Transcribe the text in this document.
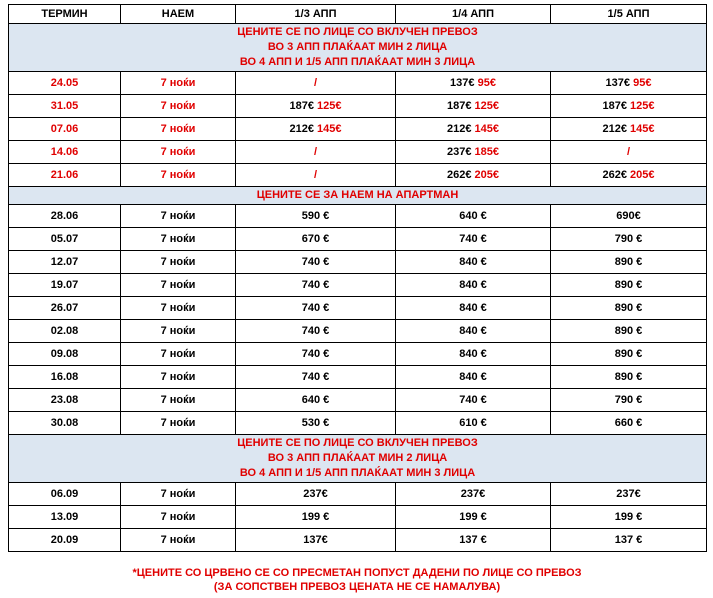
ТЕРМИН	НАЕМ	1/3 АПП	1/4 АПП	1/5 АПП

ЦЕНИТЕ СЕ ПО ЛИЦЕ СО ВКЛУЧЕН ПРЕВОЗ
ВО 3 АПП ПЛАЌААТ МИН 2 ЛИЦА
ВО 4 АПП И 1/5 АПП ПЛАЌААТ МИН 3 ЛИЦА				

24.05	7 ноќи	/	137€ 95€	137€ 95€
31.05	7 ноќи	187€ 125€	187€ 125€	187€ 125€
07.06	7 ноќи	212€ 145€	212€ 145€	212€ 145€
14.06	7 ноќи	/	237€ 185€	/
21.06	7 ноќи	/	262€ 205€	262€ 205€

ЦЕНИТЕ СЕ ЗА НАЕМ НА АПАРТМАН				

28.06	7 ноќи	590 €	640 €	690€
05.07	7 ноќи	670 €	740 €	790 €
12.07	7 ноќи	740 €	840 €	890 €
19.07	7 ноќи	740 €	840 €	890 €
26.07	7 ноќи	740 €	840 €	890 €
02.08	7 ноќи	740 €	840 €	890 €
09.08	7 ноќи	740 €	840 €	890 €
16.08	7 ноќи	740 €	840 €	890 €
23.08	7 ноќи	640 €	740 €	790 €
30.08	7 ноќи	530 €	610 €	660 €

ЦЕНИТЕ СЕ ПО ЛИЦЕ СО ВКЛУЧЕН ПРЕВОЗ
ВО 3 АПП ПЛАЌААТ МИН 2 ЛИЦА
ВО 4 АПП И 1/5 АПП ПЛАЌААТ МИН 3 ЛИЦА				

06.09	7 ноќи	237€	237€	237€
13.09	7 ноќи	199 €	199 €	199 €
20.09	7 ноќи	137€	137 €	137 €
*ЦЕНИТЕ СО ЦРВЕНО СЕ СО ПРЕСМЕТАН ПОПУСТ ДАДЕНИ ПО ЛИЦЕ СО ПРЕВОЗ
(ЗА СОПСТВЕН ПРЕВОЗ ЦЕНАТА НЕ СЕ НАМАЛУВА)
